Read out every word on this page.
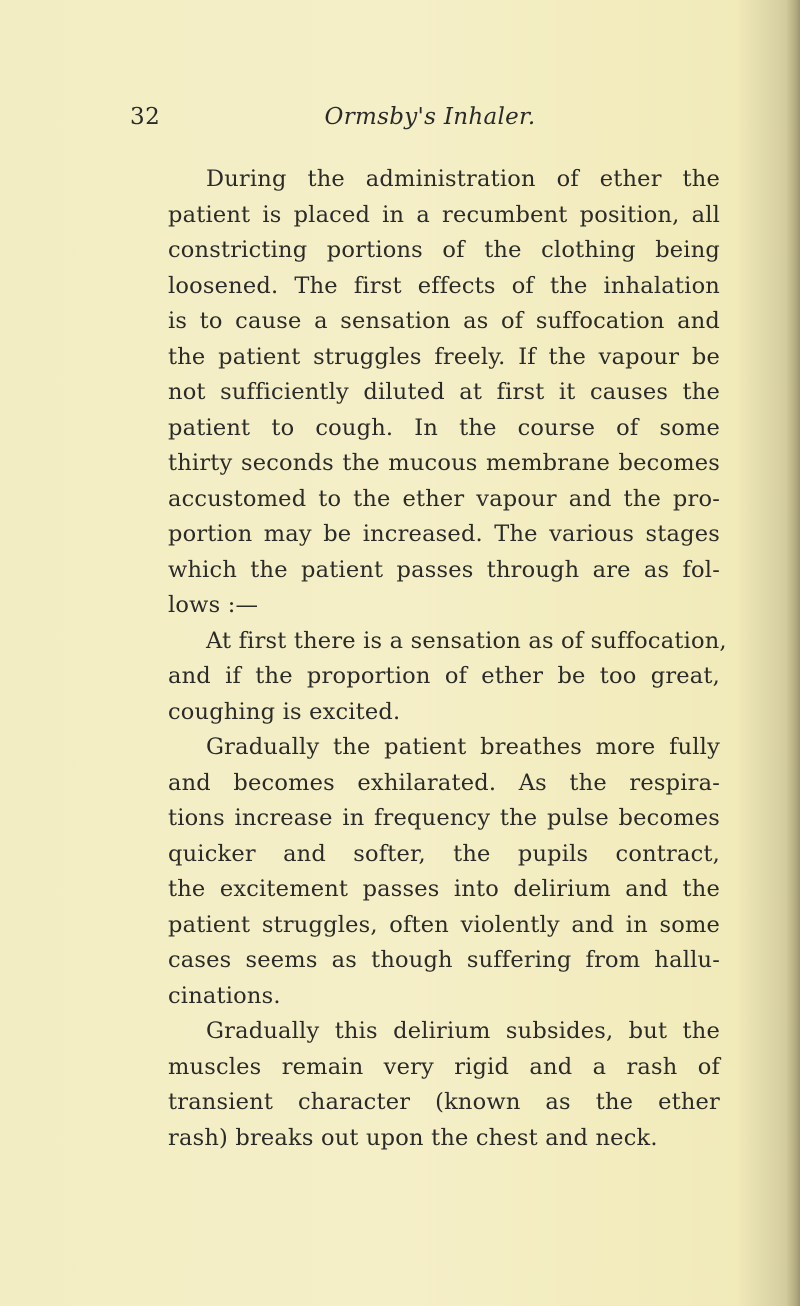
32	Ormsby's Inhaler.
During the administration of ether the
patient is placed in a recumbent position, all
constricting portions of the clothing being
loosened. The first effects of the inhalation
is to cause a sensation as of suffocation and
the patient struggles freely. If the vapour be
not sufficiently diluted at first it causes the
patient to cough. In the course of some
thirty seconds the mucous membrane becomes
accustomed to the ether vapour and the pro-
portion may be increased. The various stages
which the patient passes through are as fol-
lows :—
At first there is a sensation as of suffocation,
and if the proportion of ether be too great,
coughing is excited.
Gradually the patient breathes more fully
and becomes exhilarated. As the respira-
tions increase in frequency the pulse becomes
quicker and softer, the pupils contract,
the excitement passes into delirium and the
patient struggles, often violently and in some
cases seems as though suffering from hallu-
cinations.
Gradually this delirium subsides, but the
muscles remain very rigid and a rash of
transient character (known as the ether
rash) breaks out upon the chest and neck.
